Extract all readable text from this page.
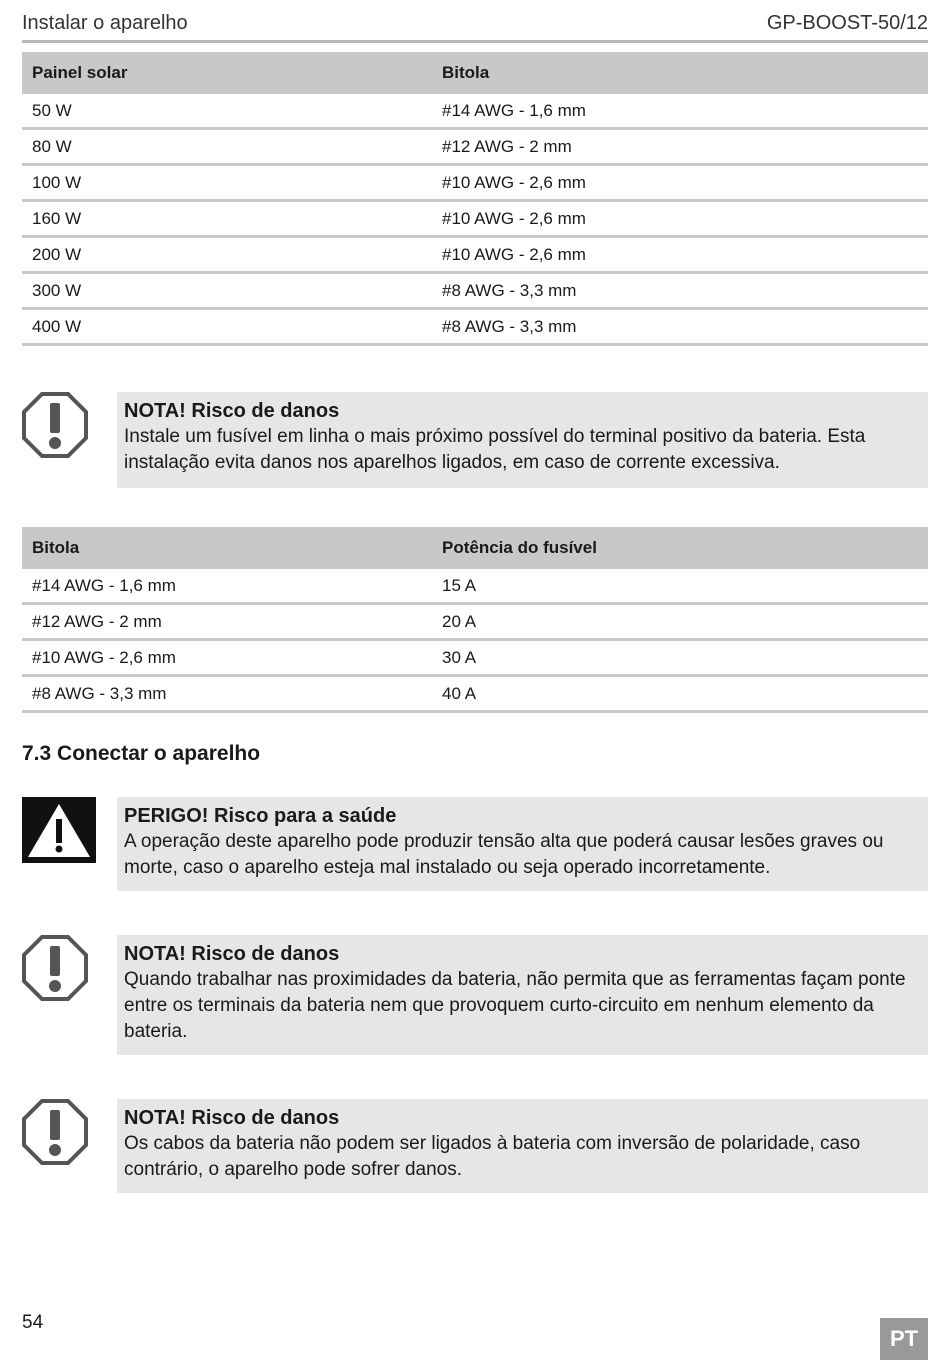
Instalar o aparelho	GP-BOOST-50/12
Painel solar	Bitola
50 W	#14 AWG - 1,6 mm
80 W	#12 AWG - 2 mm
100 W	#10 AWG - 2,6 mm
160 W	#10 AWG - 2,6 mm
200 W	#10 AWG - 2,6 mm
300 W	#8 AWG - 3,3 mm
400 W	#8 AWG - 3,3 mm
NOTA! Risco de danos
Instale um fusível em linha o mais próximo possível do terminal positivo da bateria. Esta instalação evita danos nos aparelhos ligados, em caso de corrente excessiva.
Bitola	Potência do fusível
#14 AWG - 1,6 mm	15 A
#12 AWG - 2 mm	20 A
#10 AWG - 2,6 mm	30 A
#8 AWG - 3,3 mm	40 A
7.3 Conectar o aparelho
PERIGO! Risco para a saúde
A operação deste aparelho pode produzir tensão alta que poderá causar lesões graves ou morte, caso o aparelho esteja mal instalado ou seja operado incorretamente.
NOTA! Risco de danos
Quando trabalhar nas proximidades da bateria, não permita que as ferramentas façam ponte entre os terminais da bateria nem que provoquem curto-circuito em nenhum elemento da bateria.
NOTA! Risco de danos
Os cabos da bateria não podem ser ligados à bateria com inversão de polaridade, caso contrário, o aparelho pode sofrer danos.
54
PT
